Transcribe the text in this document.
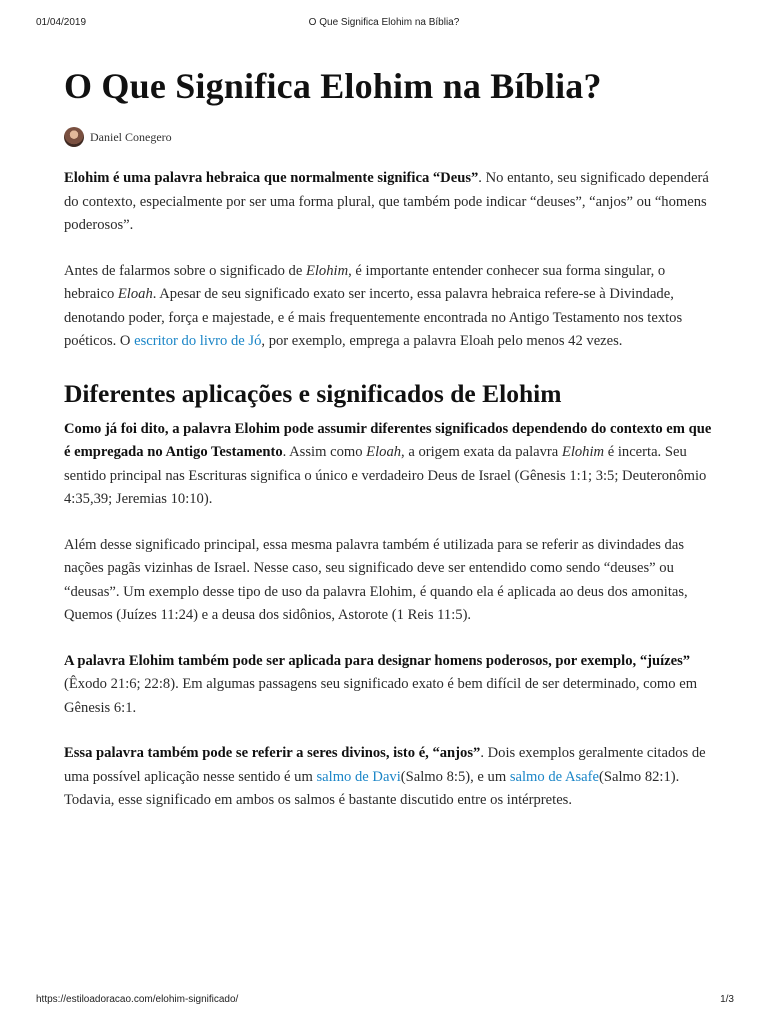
01/04/2019	O Que Significa Elohim na Bíblia?
O Que Significa Elohim na Bíblia?
Daniel Conegero

Elohim é uma palavra hebraica que normalmente significa “Deus”. No entanto, seu significado dependerá do contexto, especialmente por ser uma forma plural, que também pode indicar “deuses”, “anjos” ou “homens poderosos”.

Antes de falarmos sobre o significado de Elohim, é importante entender conhecer sua forma singular, o hebraico Eloah. Apesar de seu significado exato ser incerto, essa palavra hebraica refere-se à Divindade, denotando poder, força e majestade, e é mais frequentemente encontrada no Antigo Testamento nos textos poéticos. O escritor do livro de Jó, por exemplo, emprega a palavra Eloah pelo menos 42 vezes.

Diferentes aplicações e significados de Elohim

Como já foi dito, a palavra Elohim pode assumir diferentes significados dependendo do contexto em que é empregada no Antigo Testamento. Assim como Eloah, a origem exata da palavra Elohim é incerta. Seu sentido principal nas Escrituras significa o único e verdadeiro Deus de Israel (Gênesis 1:1; 3:5; Deuteronômio 4:35,39; Jeremias 10:10).

Além desse significado principal, essa mesma palavra também é utilizada para se referir as divindades das nações pagãs vizinhas de Israel. Nesse caso, seu significado deve ser entendido como sendo “deuses” ou “deusas”. Um exemplo desse tipo de uso da palavra Elohim, é quando ela é aplicada ao deus dos amonitas, Quemos (Juízes 11:24) e a deusa dos sidônios, Astorote (1 Reis 11:5).

A palavra Elohim também pode ser aplicada para designar homens poderosos, por exemplo, “juízes” (Êxodo 21:6; 22:8). Em algumas passagens seu significado exato é bem difícil de ser determinado, como em Gênesis 6:1.

Essa palavra também pode se referir a seres divinos, isto é, “anjos”. Dois exemplos geralmente citados de uma possível aplicação nesse sentido é um salmo de Davi(Salmo 8:5), e um salmo de Asafe(Salmo 82:1). Todavia, esse significado em ambos os salmos é bastante discutido entre os intérpretes.

https://estiloadoracao.com/elohim-significado/	1/3
